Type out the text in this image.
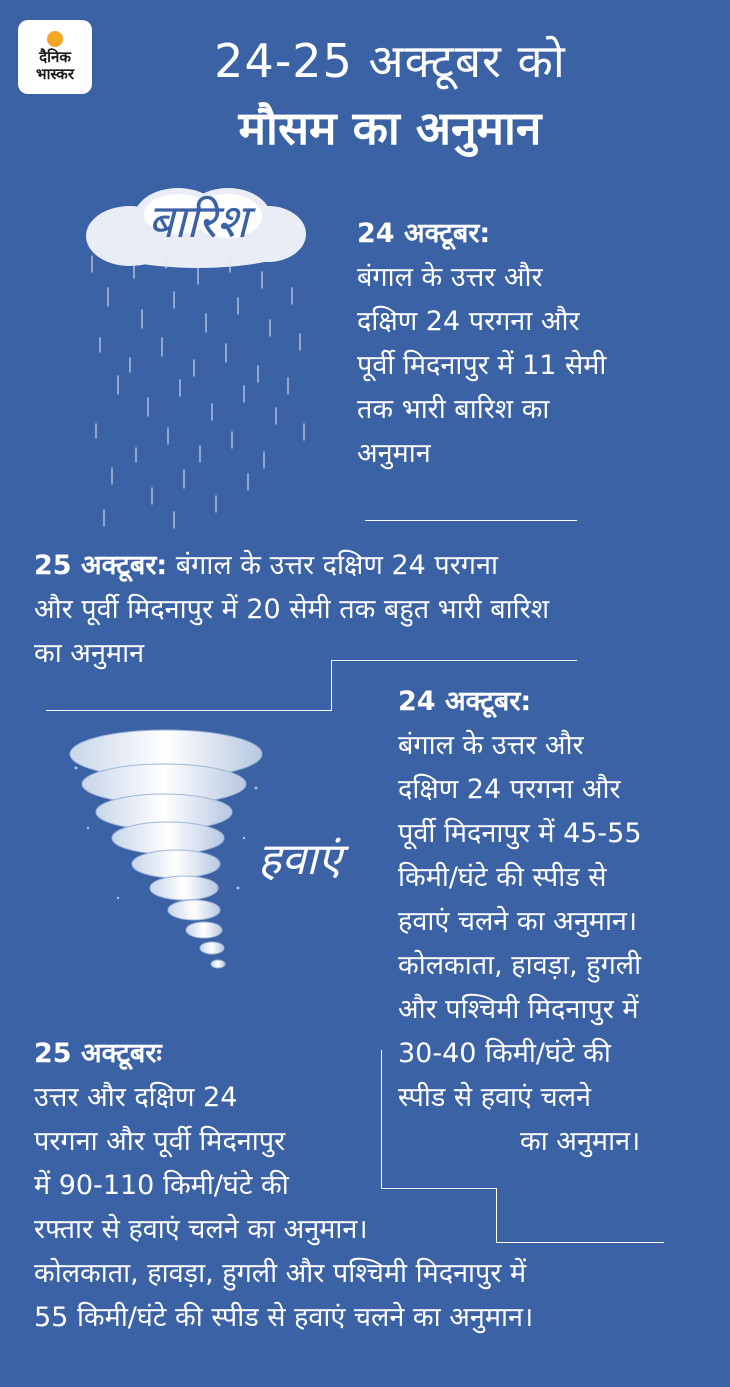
दैनिक
भास्कर	24-25 अक्टूबर को
मौसम का अनुमान
बारिश	24 अक्टूबर:
बंगाल के उत्तर और
दक्षिण 24 परगना और
पूर्वी मिदनापुर में 11 सेमी
तक भारी बारिश का
अनुमान
25 अक्टूबर: बंगाल के उत्तर दक्षिण 24 परगना
और पूर्वी मिदनापुर में 20 सेमी तक बहुत भारी बारिश
का अनुमान
हवाएं
24 अक्टूबर:
बंगाल के उत्तर और
दक्षिण 24 परगना और
पूर्वी मिदनापुर में 45-55
किमी/घंटे की स्पीड से
हवाएं चलने का अनुमान।
कोलकाता, हावड़ा, हुगली
और पश्चिमी मिदनापुर में
30-40 किमी/घंटे की
स्पीड से हवाएं चलने
का अनुमान।
25 अक्टूबरः
उत्तर और दक्षिण 24
परगना और पूर्वी मिदनापुर
में 90-110 किमी/घंटे की
रफ्तार से हवाएं चलने का अनुमान।
कोलकाता, हावड़ा, हुगली और पश्चिमी मिदनापुर में
55 किमी/घंटे की स्पीड से हवाएं चलने का अनुमान।
